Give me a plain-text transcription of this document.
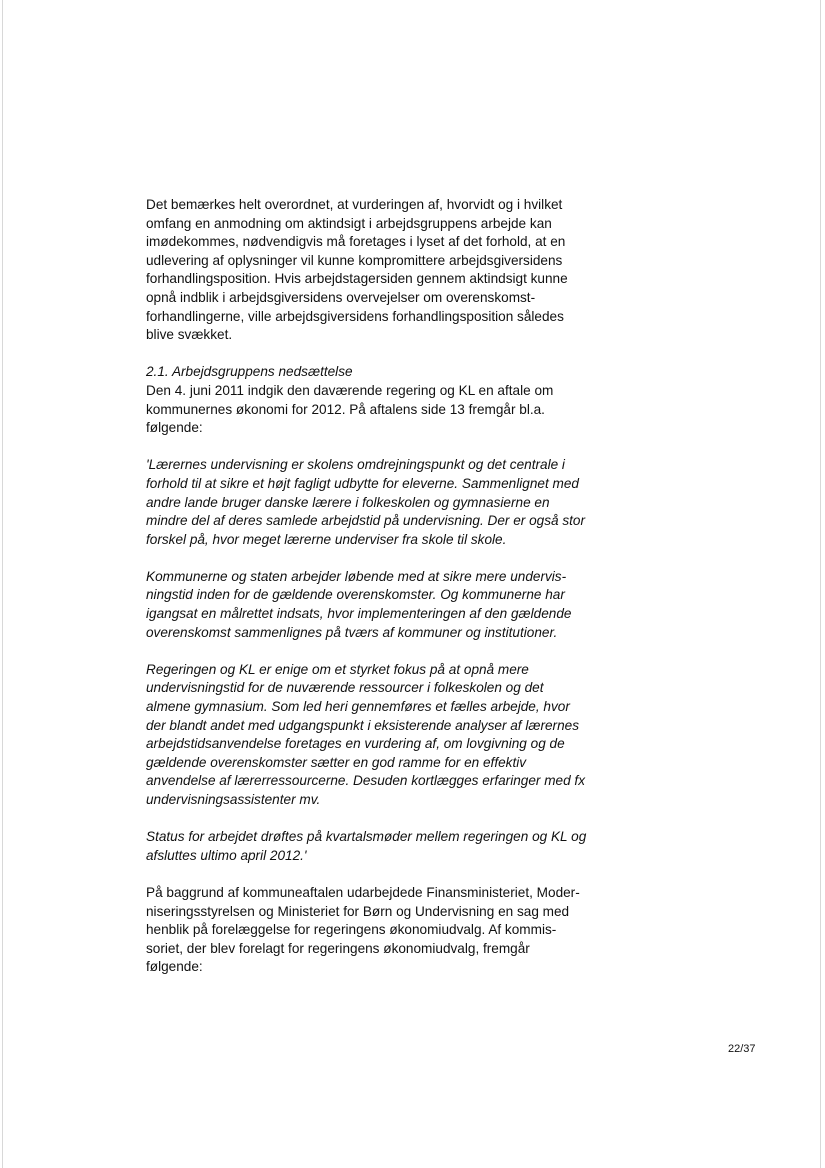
Det bemærkes helt overordnet, at vurderingen af, hvorvidt og i hvilket
omfang en anmodning om aktindsigt i arbejdsgruppens arbejde kan
imødekommes, nødvendigvis må foretages i lyset af det forhold, at en
udlevering af oplysninger vil kunne kompromittere arbejdsgiversidens
forhandlingsposition. Hvis arbejdstagersiden gennem aktindsigt kunne
opnå indblik i arbejdsgiversidens overvejelser om overenskomst-
forhandlingerne, ville arbejdsgiversidens forhandlingsposition således
blive svækket.
2.1. Arbejdsgruppens nedsættelse
Den 4. juni 2011 indgik den daværende regering og KL en aftale om
kommunernes økonomi for 2012. På aftalens side 13 fremgår bl.a.
følgende:
'Lærernes undervisning er skolens omdrejningspunkt og det centrale i
forhold til at sikre et højt fagligt udbytte for eleverne. Sammenlignet med
andre lande bruger danske lærere i folkeskolen og gymnasierne en
mindre del af deres samlede arbejdstid på undervisning. Der er også stor
forskel på, hvor meget lærerne underviser fra skole til skole.
Kommunerne og staten arbejder løbende med at sikre mere undervis-
ningstid inden for de gældende overenskomster. Og kommunerne har
igangsat en målrettet indsats, hvor implementeringen af den gældende
overenskomst sammenlignes på tværs af kommuner og institutioner.
Regeringen og KL er enige om et styrket fokus på at opnå mere
undervisningstid for de nuværende ressourcer i folkeskolen og det
almene gymnasium. Som led heri gennemføres et fælles arbejde, hvor
der blandt andet med udgangspunkt i eksisterende analyser af lærernes
arbejdstidsanvendelse foretages en vurdering af, om lovgivning og de
gældende overenskomster sætter en god ramme for en effektiv
anvendelse af lærerressourcerne. Desuden kortlægges erfaringer med fx
undervisningsassistenter mv.
Status for arbejdet drøftes på kvartalsmøder mellem regeringen og KL og
afsluttes ultimo april 2012.'
På baggrund af kommuneaftalen udarbejdede Finansministeriet, Moder-
niseringsstyrelsen og Ministeriet for Børn og Undervisning en sag med
henblik på forelæggelse for regeringens økonomiudvalg. Af kommis-
soriet, der blev forelagt for regeringens økonomiudvalg, fremgår
følgende:
22/37
